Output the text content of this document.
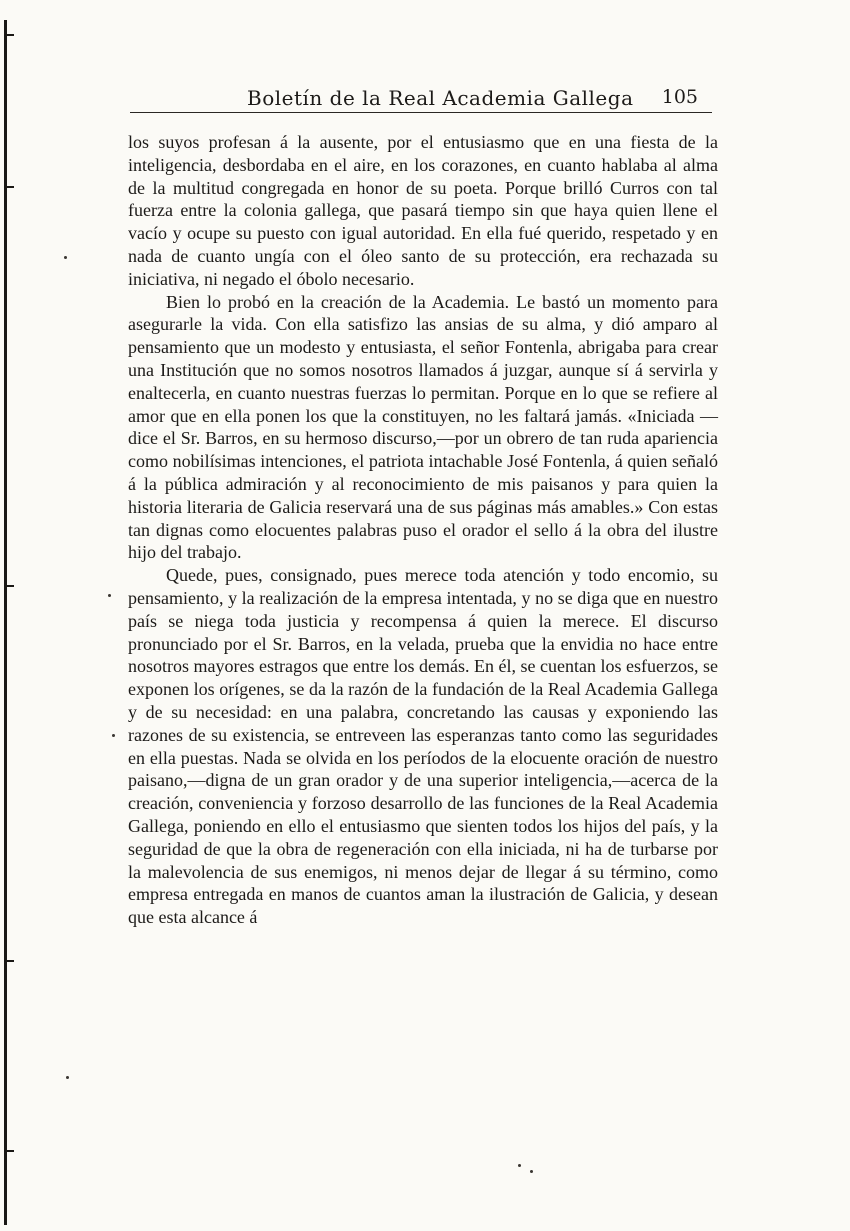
Boletín de la Real Academia Gallega 105

los suyos profesan á la ausente, por el entusiasmo que en una fiesta de la inteligencia, desbordaba en el aire, en los corazones, en cuanto hablaba al alma de la multitud congregada en honor de su poeta. Porque brilló Curros con tal fuerza entre la colonia gallega, que pasará tiempo sin que haya quien llene el vacío y ocupe su puesto con igual autoridad. En ella fué querido, respetado y en nada de cuanto ungía con el óleo santo de su protección, era rechazada su iniciativa, ni negado el óbolo necesario.

Bien lo probó en la creación de la Academia. Le bastó un momento para asegurarle la vida. Con ella satisfizo las ansias de su alma, y dió amparo al pensamiento que un modesto y entusiasta, el señor Fontenla, abrigaba para crear una Institución que no somos nosotros llamados á juzgar, aunque sí á servirla y enaltecerla, en cuanto nuestras fuerzas lo permitan. Porque en lo que se refiere al amor que en ella ponen los que la constituyen, no les faltará jamás. «Iniciada —dice el Sr. Barros, en su hermoso discurso,—por un obrero de tan ruda apariencia como nobilísimas intenciones, el patriota intachable José Fontenla, á quien señaló á la pública admiración y al reconocimiento de mis paisanos y para quien la historia literaria de Galicia reservará una de sus páginas más amables.» Con estas tan dignas como elocuentes palabras puso el orador el sello á la obra del ilustre hijo del trabajo.

Quede, pues, consignado, pues merece toda atención y todo encomio, su pensamiento, y la realización de la empresa intentada, y no se diga que en nuestro país se niega toda justicia y recompensa á quien la merece. El discurso pronunciado por el Sr. Barros, en la velada, prueba que la envidia no hace entre nosotros mayores estragos que entre los demás. En él, se cuentan los esfuerzos, se exponen los orígenes, se da la razón de la fundación de la Real Academia Gallega y de su necesidad: en una palabra, concretando las causas y exponiendo las razones de su existencia, se entreveen las esperanzas tanto como las seguridades en ella puestas. Nada se olvida en los períodos de la elocuente oración de nuestro paisano,—digna de un gran orador y de una superior inteligencia,—acerca de la creación, conveniencia y forzoso desarrollo de las funciones de la Real Academia Gallega, poniendo en ello el entusiasmo que sienten todos los hijos del país, y la seguridad de que la obra de regeneración con ella iniciada, ni ha de turbarse por la malevolencia de sus enemigos, ni menos dejar de llegar á su término, como empresa entregada en manos de cuantos aman la ilustración de Galicia, y desean que esta alcance á
